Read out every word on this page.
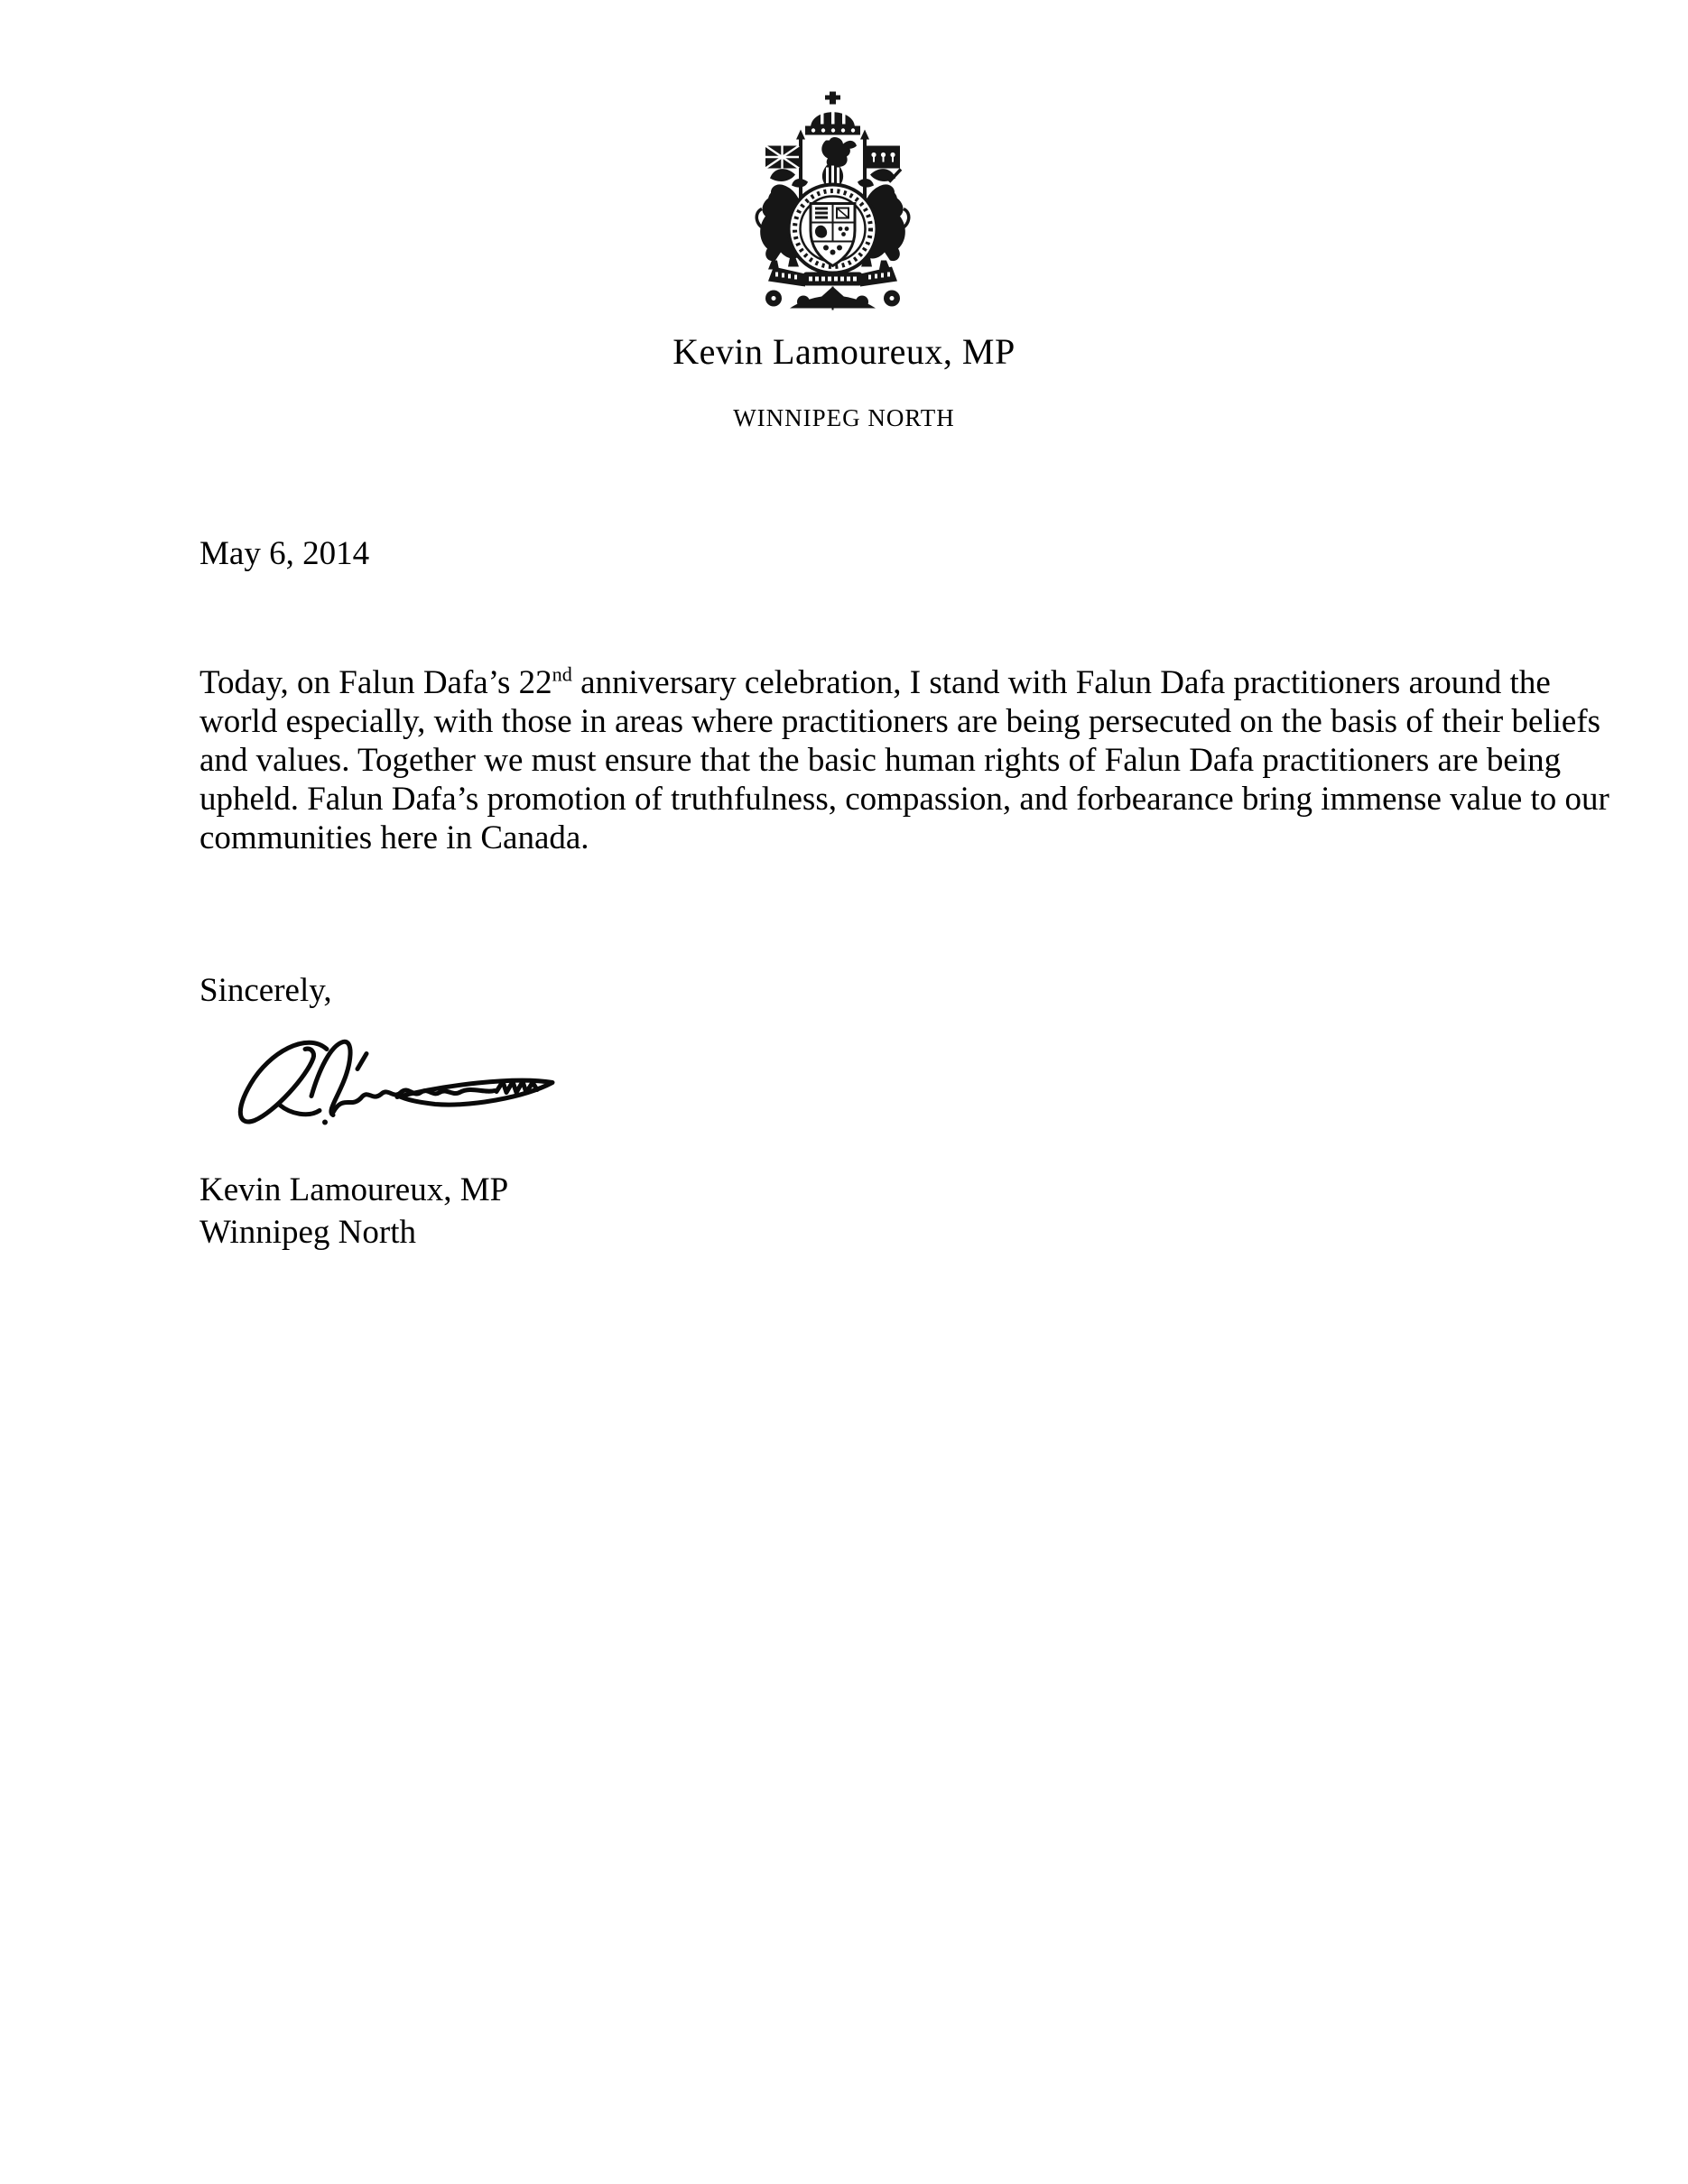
Kevin Lamoureux, MP
WINNIPEG NORTH
May 6, 2014
Today, on Falun Dafa’s 22nd anniversary celebration, I stand with Falun Dafa practitioners around the
world especially, with those in areas where practitioners are being persecuted on the basis of their beliefs
and values. Together we must ensure that the basic human rights of Falun Dafa practitioners are being
upheld. Falun Dafa’s promotion of truthfulness, compassion, and forbearance bring immense value to our
communities here in Canada.
Sincerely,
Kevin Lamoureux, MP
Winnipeg North
